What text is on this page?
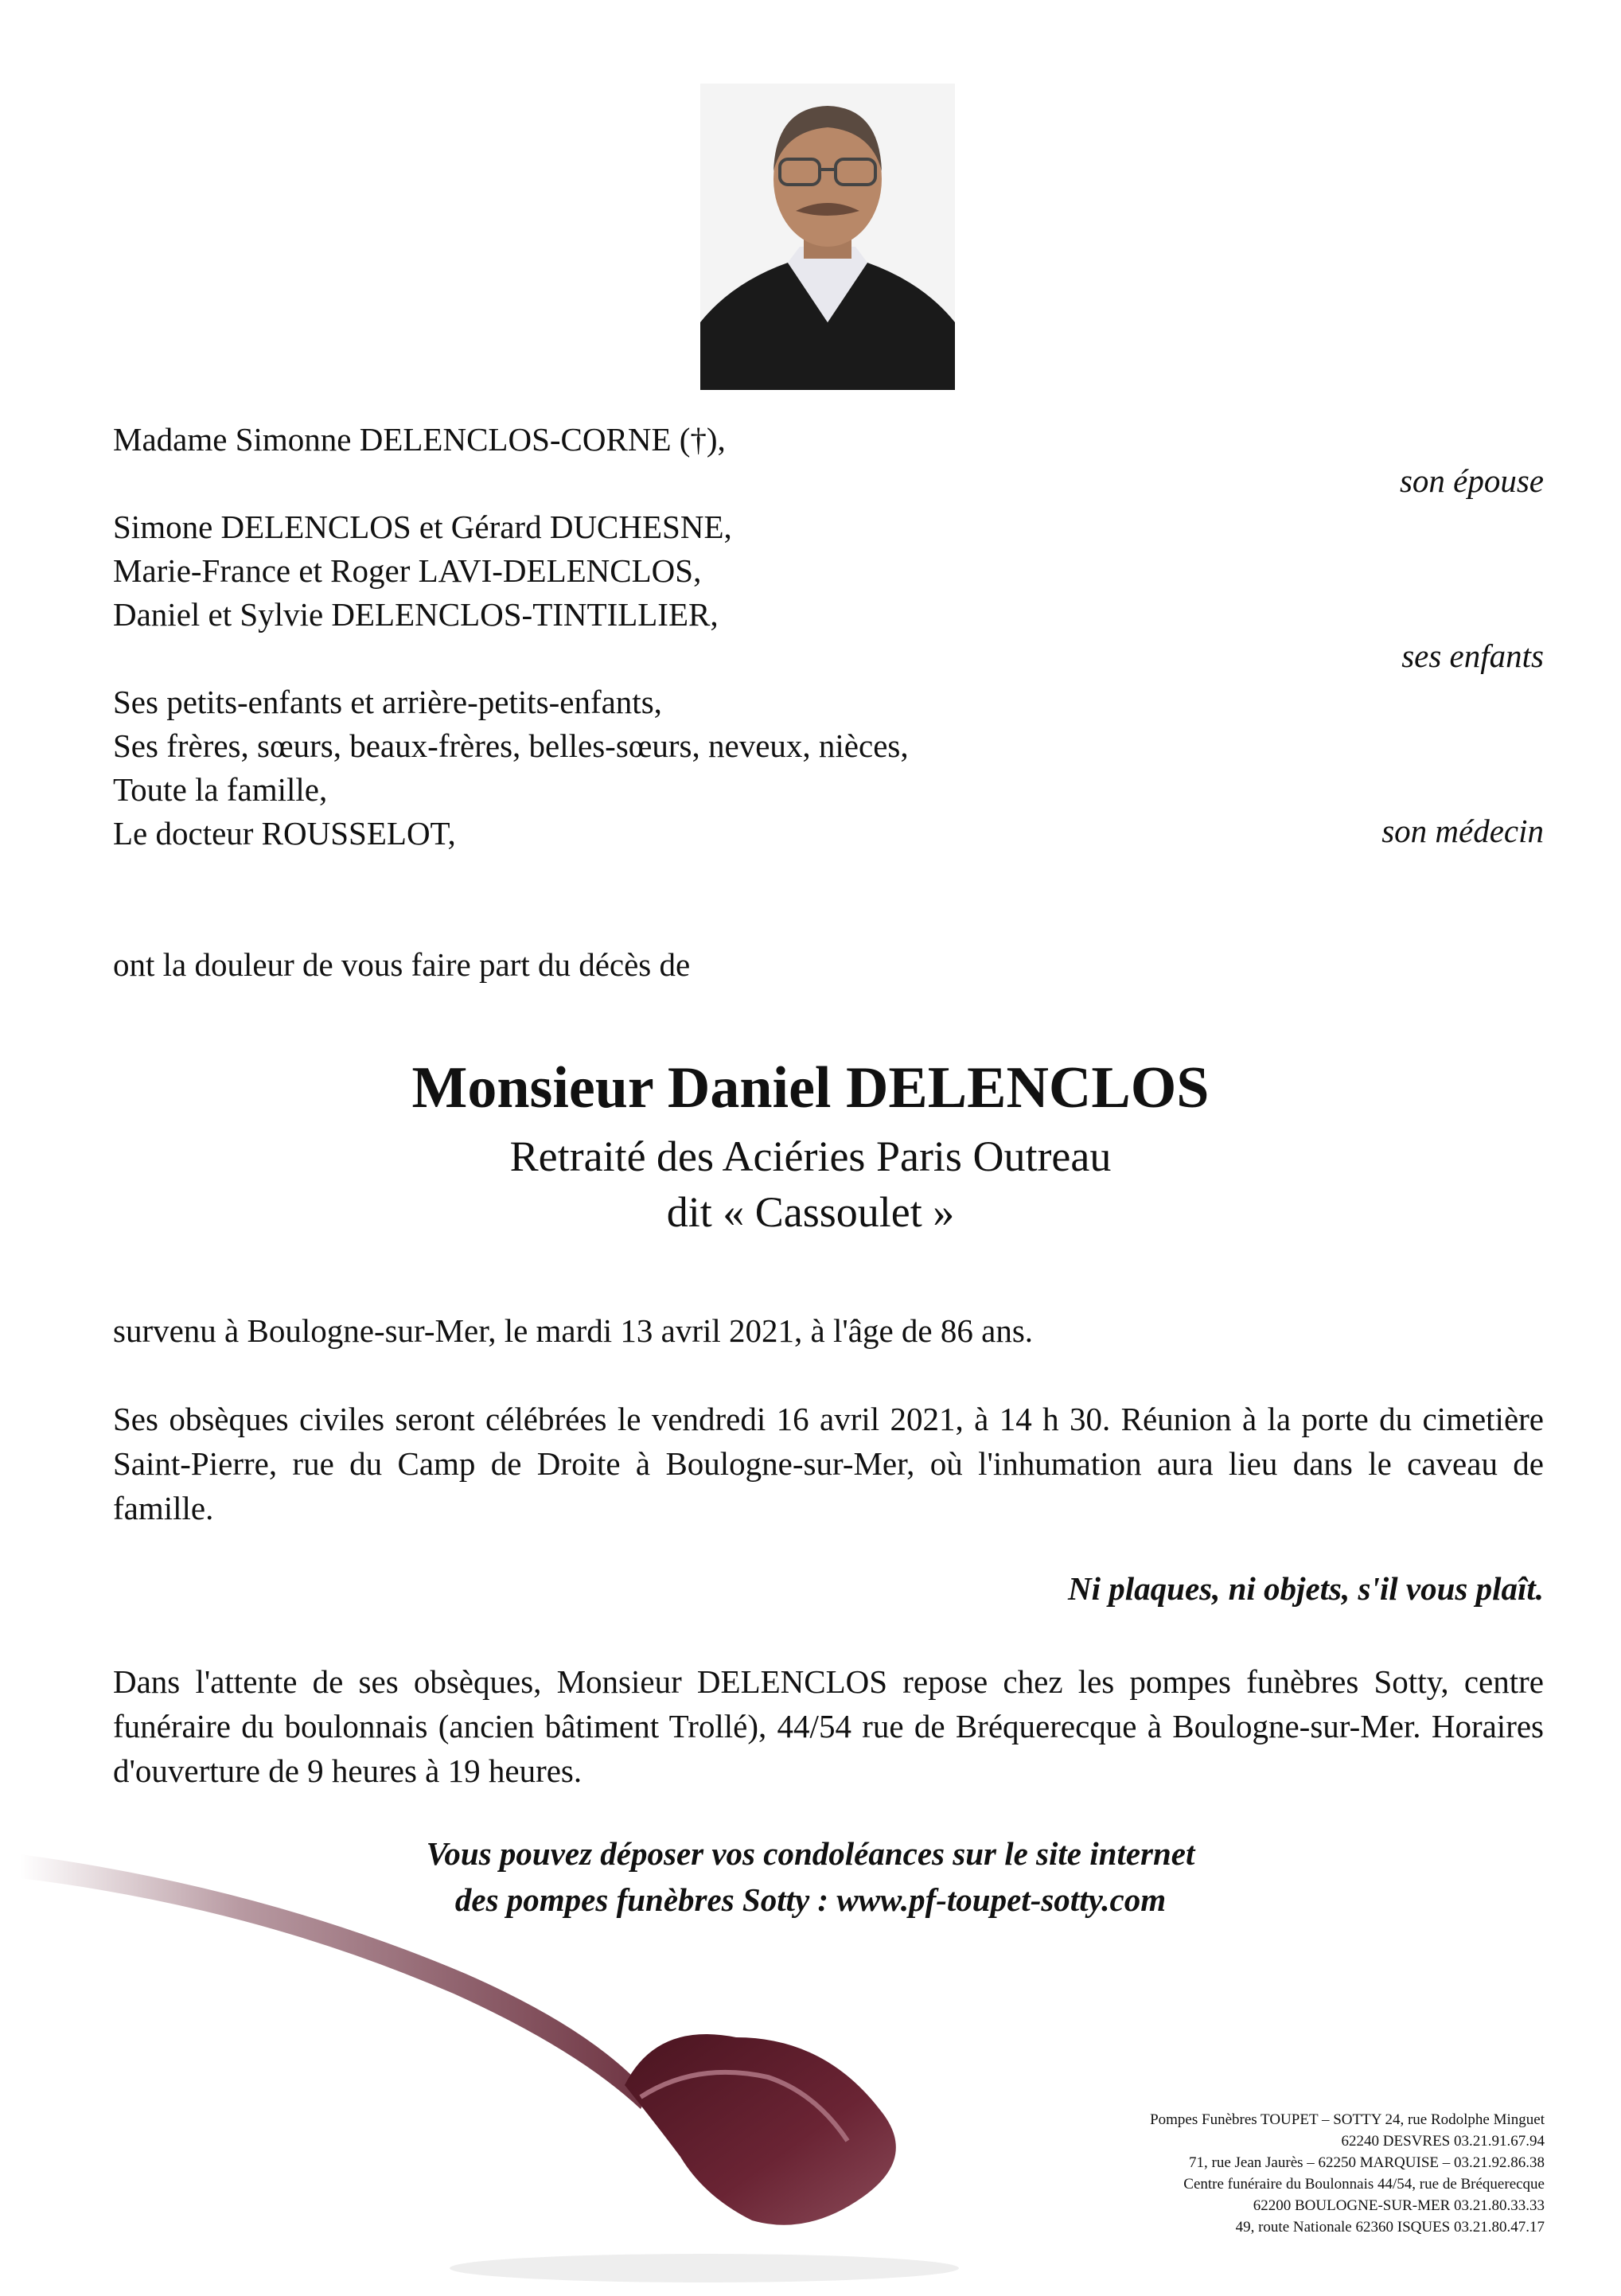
Madame Simonne DELENCLOS-CORNE (†),
son épouse
Simone DELENCLOS et Gérard DUCHESNE,
Marie-France et Roger LAVI-DELENCLOS,
Daniel et Sylvie DELENCLOS-TINTILLIER,
ses enfants
Ses petits-enfants et arrière-petits-enfants,
Ses frères, sœurs, beaux-frères, belles-sœurs, neveux, nièces,
Toute la famille,
Le docteur ROUSSELOT,	son médecin
ont la douleur de vous faire part du décès de
Monsieur Daniel DELENCLOS
Retraité des Aciéries Paris Outreau
dit « Cassoulet »
survenu à Boulogne-sur-Mer, le mardi 13 avril 2021, à l'âge de 86 ans.
Ses obsèques civiles seront célébrées le vendredi 16 avril 2021, à 14 h 30. Réunion à la porte du cimetière Saint-Pierre, rue du Camp de Droite à Boulogne-sur-Mer, où l'inhumation aura lieu dans le caveau de famille.
Ni plaques, ni objets, s'il vous plaît.
Dans l'attente de ses obsèques, Monsieur DELENCLOS repose chez les pompes funèbres Sotty, centre funéraire du boulonnais (ancien bâtiment Trollé), 44/54 rue de Bréquerecque à Boulogne-sur-Mer. Horaires d'ouverture de 9 heures à 19 heures.
Vous pouvez déposer vos condoléances sur le site internet
des pompes funèbres Sotty : www.pf-toupet-sotty.com
Pompes Funèbres TOUPET – SOTTY 24, rue Rodolphe Minguet
62240 DESVRES 03.21.91.67.94
71, rue Jean Jaurès – 62250 MARQUISE – 03.21.92.86.38
Centre funéraire du Boulonnais 44/54, rue de Bréquerecque
62200 BOULOGNE-SUR-MER 03.21.80.33.33
49, route Nationale 62360 ISQUES 03.21.80.47.17
